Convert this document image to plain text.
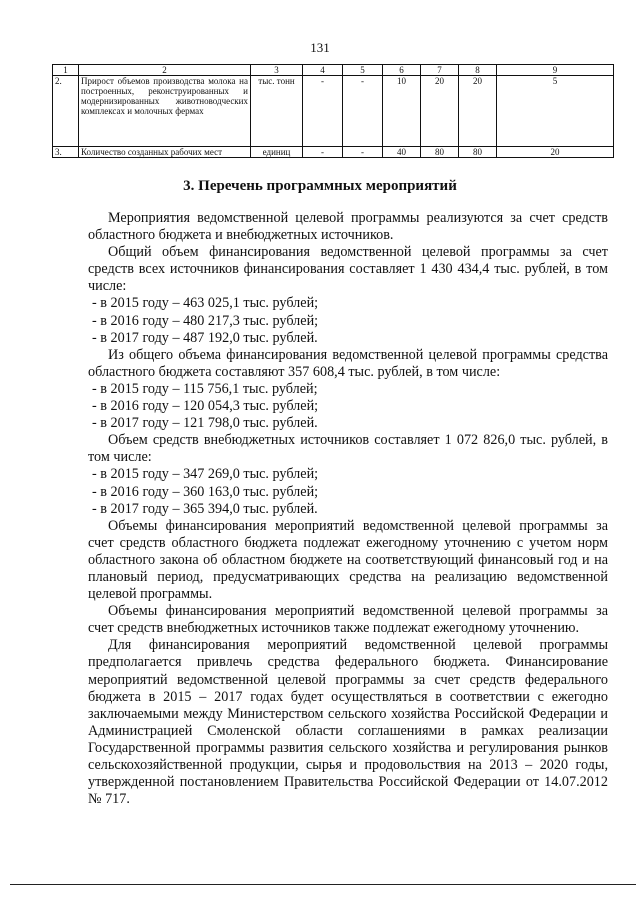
131
1	2	3	4	5	6	7	8	9
2.	Прирост объемов производства молока на построенных, реконструированных и модернизированных животноводческих комплексах и молочных фермах	тыс. тонн	-	-	10	20	20	5
3.	Количество созданных рабочих мест	единиц	-	-	40	80	80	20
3. Перечень программных мероприятий

Мероприятия ведомственной целевой программы реализуются за счет средств областного бюджета и внебюджетных источников.

Общий объем финансирования ведомственной целевой программы за счет средств всех источников финансирования составляет 1 430 434,4 тыс. рублей, в том числе:

- в 2015 году – 463 025,1 тыс. рублей;

- в 2016 году – 480 217,3 тыс. рублей;

- в 2017 году – 487 192,0 тыс. рублей.

Из общего объема финансирования ведомственной целевой программы средства областного бюджета составляют 357 608,4 тыс. рублей, в том числе:

- в 2015 году – 115 756,1 тыс. рублей;

- в 2016 году – 120 054,3 тыс. рублей;

- в 2017 году – 121 798,0 тыс. рублей.

Объем средств внебюджетных источников составляет 1 072 826,0 тыс. рублей, в том числе:

- в 2015 году – 347 269,0 тыс. рублей;

- в 2016 году – 360 163,0 тыс. рублей;

- в 2017 году – 365 394,0 тыс. рублей.

Объемы финансирования мероприятий ведомственной целевой программы за счет средств областного бюджета подлежат ежегодному уточнению с учетом норм областного закона об областном бюджете на соответствующий финансовый год и на плановый период, предусматривающих средства на реализацию ведомственной целевой программы.

Объемы финансирования мероприятий ведомственной целевой программы за счет средств внебюджетных источников также подлежат ежегодному уточнению.

Для финансирования мероприятий ведомственной целевой программы предполагается привлечь средства федерального бюджета. Финансирование мероприятий ведомственной целевой программы за счет средств федерального бюджета в 2015 – 2017 годах будет осуществляться в соответствии с ежегодно заключаемыми между Министерством сельского хозяйства Российской Федерации и Администрацией Смоленской области соглашениями в рамках реализации Государственной программы развития сельского хозяйства и регулирования рынков сельскохозяйственной продукции, сырья и продовольствия на 2013 – 2020 годы, утвержденной постановлением Правительства Российской Федерации от 14.07.2012 № 717.
